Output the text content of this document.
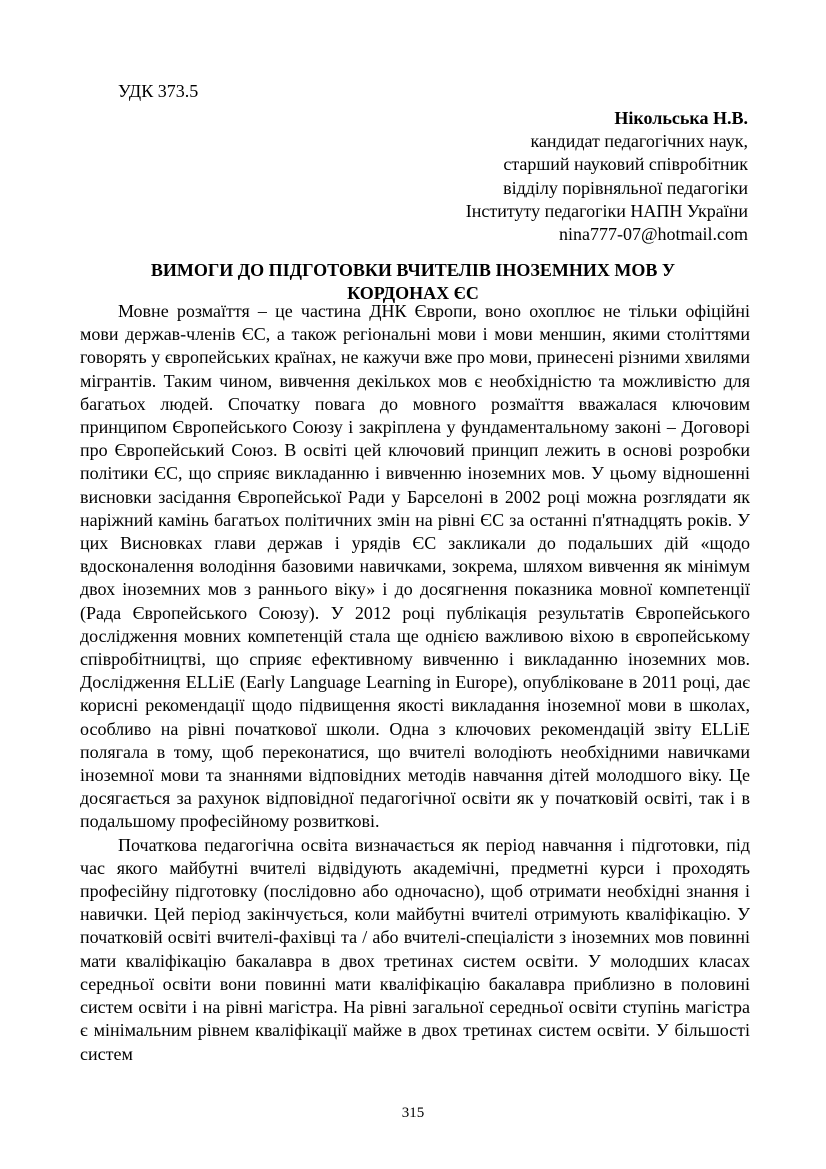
УДК 373.5
Нікольська Н.В.
кандидат педагогічних наук,
старший науковий співробітник
відділу порівняльної педагогіки
Інституту педагогіки НАПН України
nina777-07@hotmail.com
ВИМОГИ ДО ПІДГОТОВКИ ВЧИТЕЛІВ ІНОЗЕМНИХ МОВ У
КОРДОНАХ ЄС

Мовне розмаїття – це частина ДНК Європи, воно охоплює не тільки офіційні мови держав-членів ЄС, а також регіональні мови і мови меншин, якими століттями говорять у європейських країнах, не кажучи вже про мови, принесені різними хвилями мігрантів. Таким чином, вивчення декількох мов є необхідністю та можливістю для багатьох людей. Спочатку повага до мовного розмаїття вважалася ключовим принципом Європейського Союзу і закріплена у фундаментальному законі – Договорі про Європейський Союз. В освіті цей ключовий принцип лежить в основі розробки політики ЄС, що сприяє викладанню і вивченню іноземних мов. У цьому відношенні висновки засідання Європейської Ради у Барселоні в 2002 році можна розглядати як наріжний камінь багатьох політичних змін на рівні ЄС за останні п'ятнадцять років. У цих Висновках глави держав і урядів ЄС закликали до подальших дій «щодо вдосконалення володіння базовими навичками, зокрема, шляхом вивчення як мінімум двох іноземних мов з раннього віку» і до досягнення показника мовної компетенції (Рада Європейського Союзу). У 2012 році публікація результатів Європейського дослідження мовних компетенцій стала ще однією важливою віхою в європейському співробітництві, що сприяє ефективному вивченню і викладанню іноземних мов. Дослідження ELLiE (Early Language Learning in Europe), опубліковане в 2011 році, дає корисні рекомендації щодо підвищення якості викладання іноземної мови в школах, особливо на рівні початкової школи. Одна з ключових рекомендацій звіту ELLiE полягала в тому, щоб переконатися, що вчителі володіють необхідними навичками іноземної мови та знаннями відповідних методів навчання дітей молодшого віку. Це досягається за рахунок відповідної педагогічної освіти як у початковій освіті, так і в подальшому професійному розвиткові.

Початкова педагогічна освіта визначається як період навчання і підготовки, під час якого майбутні вчителі відвідують академічні, предметні курси і проходять професійну підготовку (послідовно або одночасно), щоб отримати необхідні знання і навички. Цей період закінчується, коли майбутні вчителі отримують кваліфікацію. У початковій освіті вчителі-фахівці та / або вчителі-спеціалісти з іноземних мов повинні мати кваліфікацію бакалавра в двох третинах систем освіти. У молодших класах середньої освіти вони повинні мати кваліфікацію бакалавра приблизно в половині систем освіти і на рівні магістра. На рівні загальної середньої освіти ступінь магістра є мінімальним рівнем кваліфікації майже в двох третинах систем освіти. У більшості систем

315
